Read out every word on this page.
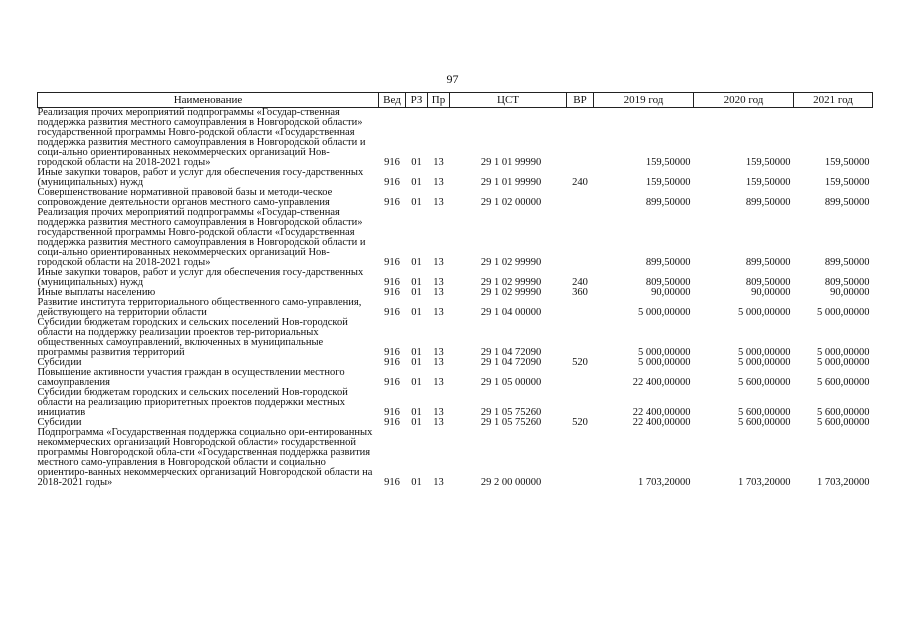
97
Наименование	Вед	РЗ	Пр	ЦСТ	ВР	2019 год	2020 год	2021 год
Реализация прочих мероприятий подпрограммы «Государ-ственная поддержка развития местного самоуправления в Новгородской области» государственной программы Новго-родской области «Государственная поддержка развития местного самоуправления в Новгородской области и соци-ально ориентированных некоммерческих организаций Нов-городской области на 2018-2021 годы»	916	01	13	29 1 01 99990		159,50000	159,50000	159,50000
Иные закупки товаров, работ и услуг для обеспечения госу-дарственных (муниципальных) нужд	916	01	13	29 1 01 99990	240	159,50000	159,50000	159,50000
Совершенствование нормативной правовой базы и методи-ческое сопровождение деятельности органов местного само-управления	916	01	13	29 1 02 00000		899,50000	899,50000	899,50000
Реализация прочих мероприятий подпрограммы «Государ-ственная поддержка развития местного самоуправления в Новгородской области» государственной программы Новго-родской области «Государственная поддержка развития местного самоуправления в Новгородской области и соци-ально ориентированных некоммерческих организаций Нов-городской области на 2018-2021 годы»	916	01	13	29 1 02 99990		899,50000	899,50000	899,50000
Иные закупки товаров, работ и услуг для обеспечения госу-дарственных (муниципальных) нужд	916	01	13	29 1 02 99990	240	809,50000	809,50000	809,50000
Иные выплаты населению	916	01	13	29 1 02 99990	360	90,00000	90,00000	90,00000
Развитие института территориального общественного само-управления, действующего на территории области	916	01	13	29 1 04 00000		5 000,00000	5 000,00000	5 000,00000
Субсидии бюджетам городских и сельских поселений Нов-городской области на поддержку реализации проектов тер-риториальных общественных самоуправлений, включенных в муниципальные программы развития территорий	916	01	13	29 1 04 72090		5 000,00000	5 000,00000	5 000,00000
Субсидии	916	01	13	29 1 04 72090	520	5 000,00000	5 000,00000	5 000,00000
Повышение активности участия граждан в осуществлении местного самоуправления	916	01	13	29 1 05 00000		22 400,00000	5 600,00000	5 600,00000
Субсидии бюджетам городских и сельских поселений Нов-городской области на реализацию приоритетных проектов поддержки местных инициатив	916	01	13	29 1 05 75260		22 400,00000	5 600,00000	5 600,00000
Субсидии	916	01	13	29 1 05 75260	520	22 400,00000	5 600,00000	5 600,00000
Подпрограмма «Государственная поддержка социально ори-ентированных некоммерческих организаций Новгородской области» государственной программы Новгородской обла-сти «Государственная поддержка развития местного само-управления в Новгородской области и социально ориентиро-ванных некоммерческих организаций Новгородской области на 2018-2021 годы»	916	01	13	29 2 00 00000		1 703,20000	1 703,20000	1 703,20000
